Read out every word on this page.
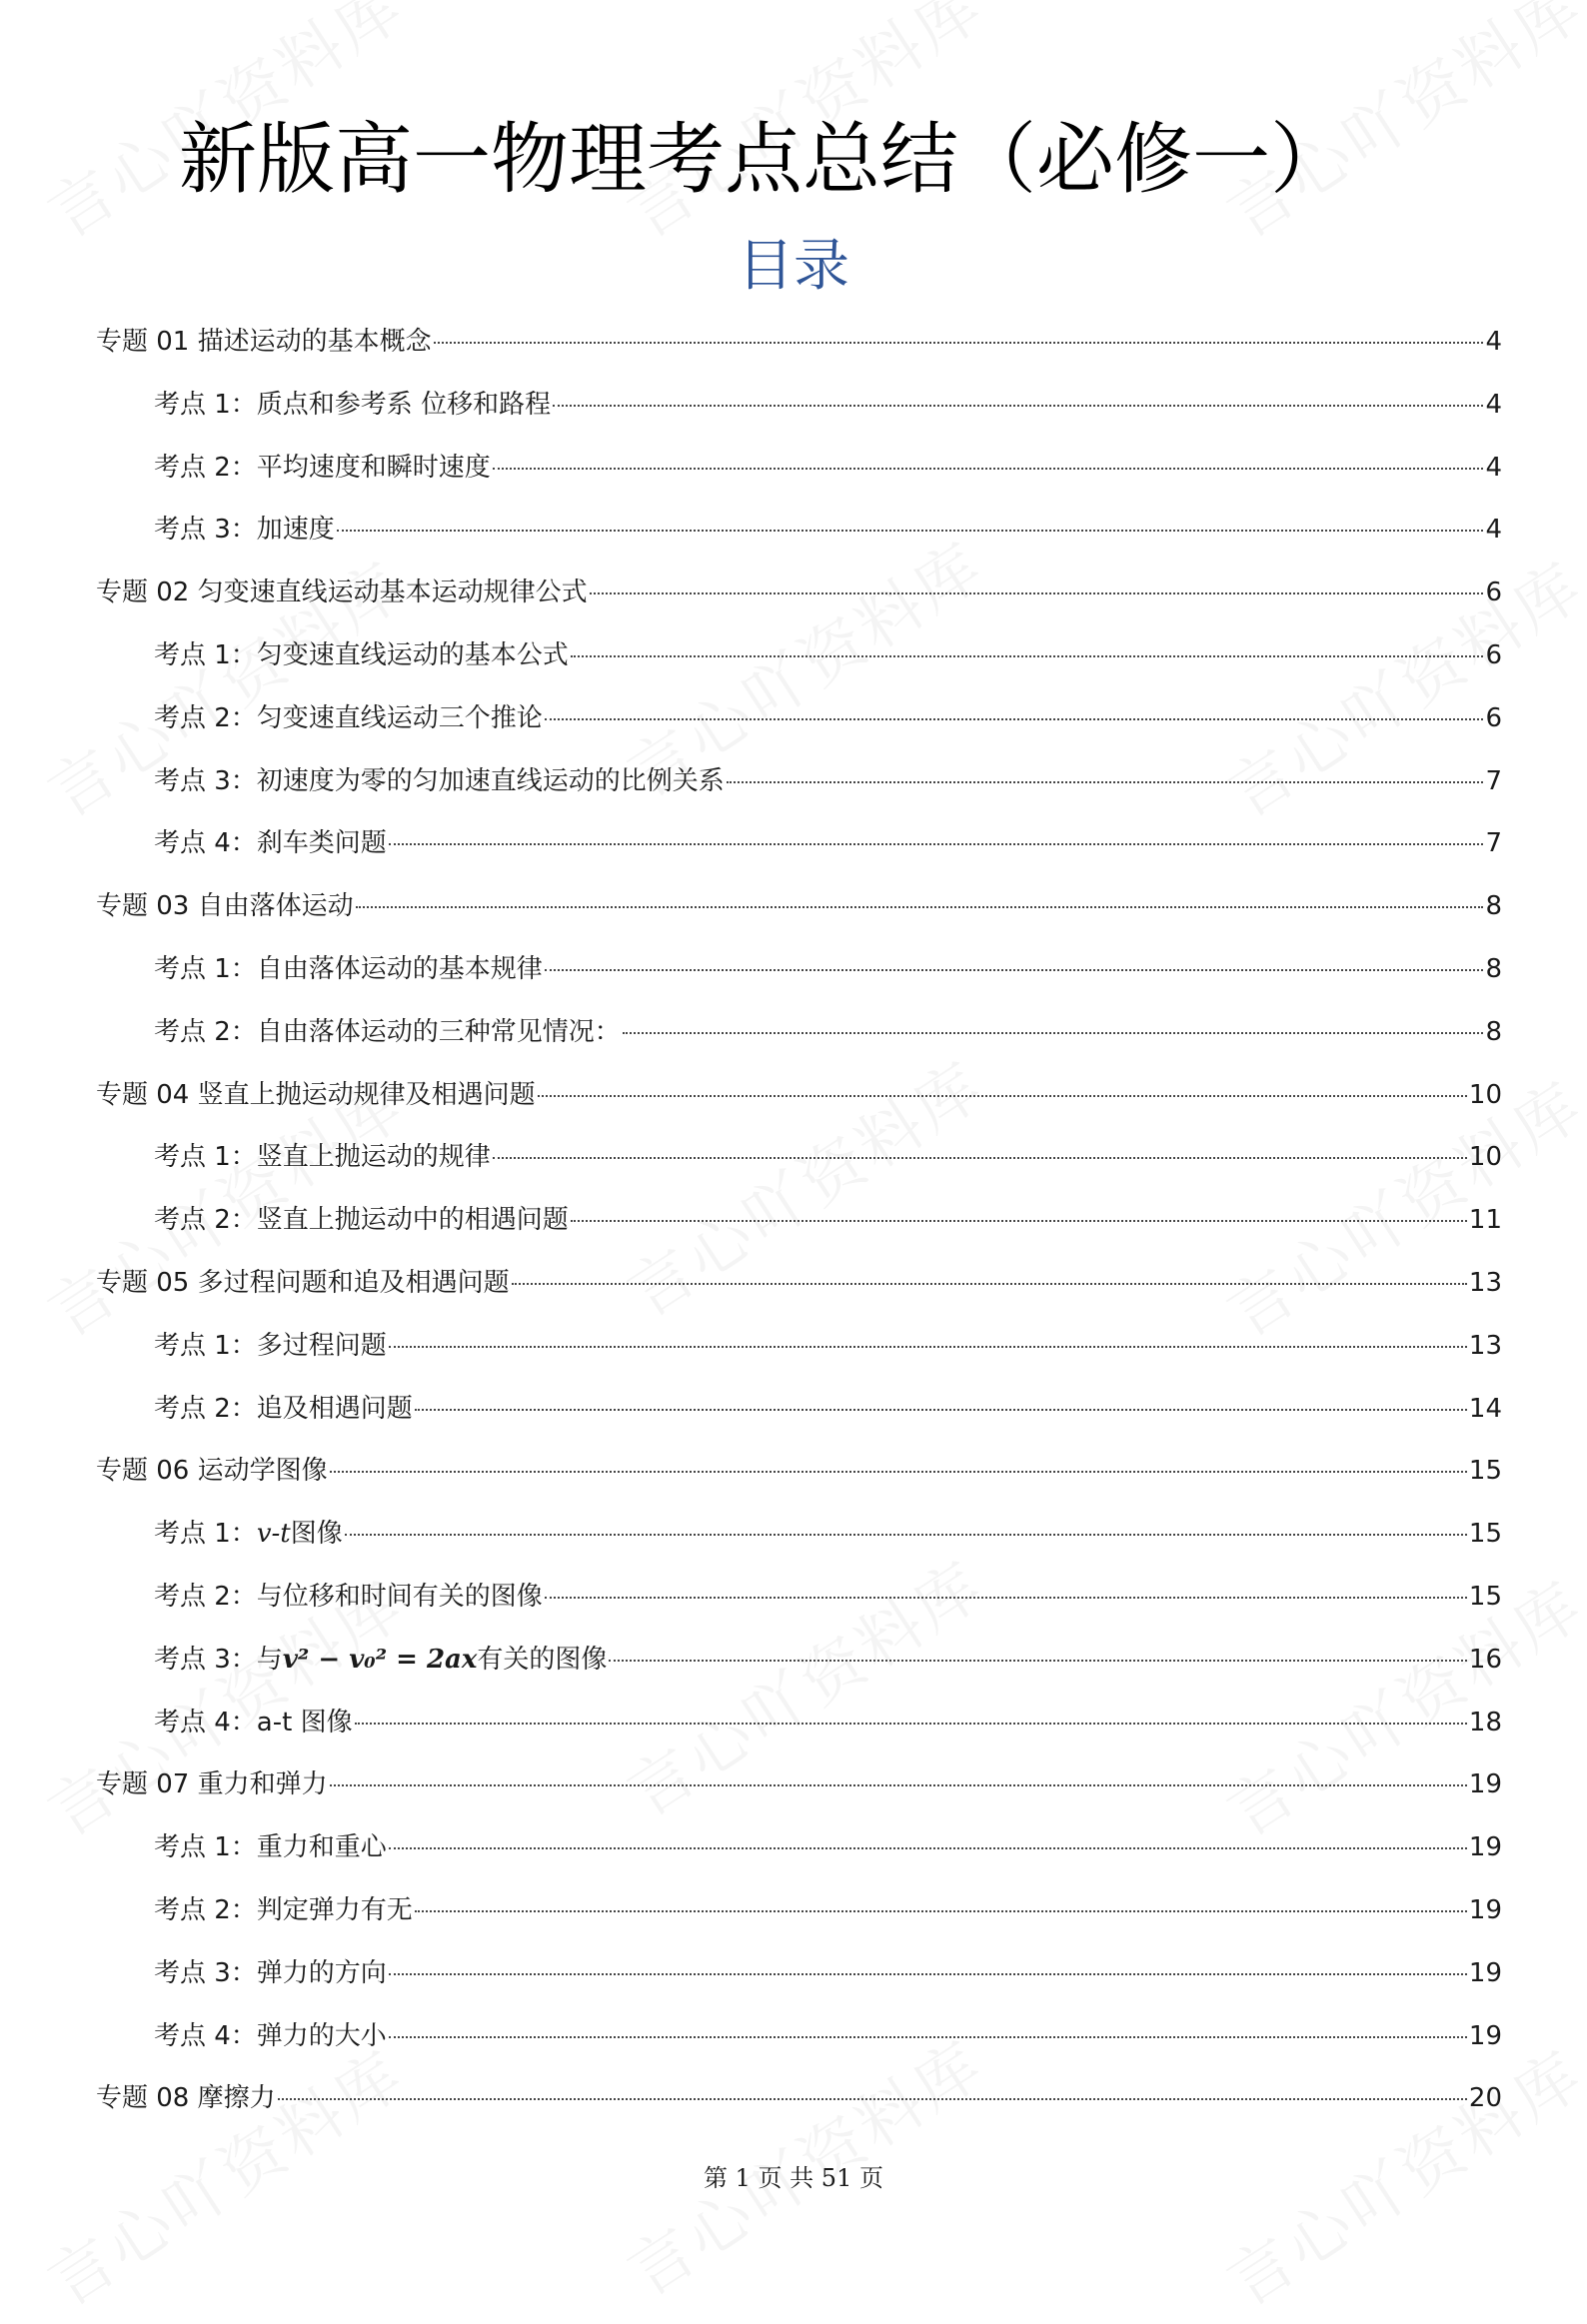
新版高一物理考点总结（必修一）
目录
专题 01 描述运动的基本概念	4
考点 1：质点和参考系 位移和路程	4
考点 2：平均速度和瞬时速度	4
考点 3：加速度	4
专题 02 匀变速直线运动基本运动规律公式	6
考点 1：匀变速直线运动的基本公式	6
考点 2：匀变速直线运动三个推论	6
考点 3：初速度为零的匀加速直线运动的比例关系	7
考点 4：刹车类问题	7
专题 03 自由落体运动	8
考点 1：自由落体运动的基本规律	8
考点 2：自由落体运动的三种常见情况：	8
专题 04 竖直上抛运动规律及相遇问题	10
考点 1：竖直上抛运动的规律	10
考点 2：竖直上抛运动中的相遇问题	11
专题 05 多过程问题和追及相遇问题	13
考点 1：多过程问题	13
考点 2：追及相遇问题	14
专题 06 运动学图像	15
考点 1：v-t图像	15
考点 2：与位移和时间有关的图像	15
考点 3：与v² − v₀² = 2ax有关的图像	16
考点 4：a-t 图像	18
专题 07 重力和弹力	19
考点 1：重力和重心	19
考点 2：判定弹力有无	19
考点 3：弹力的方向	19
考点 4：弹力的大小	19
专题 08 摩擦力	20
第 1 页 共 51 页
